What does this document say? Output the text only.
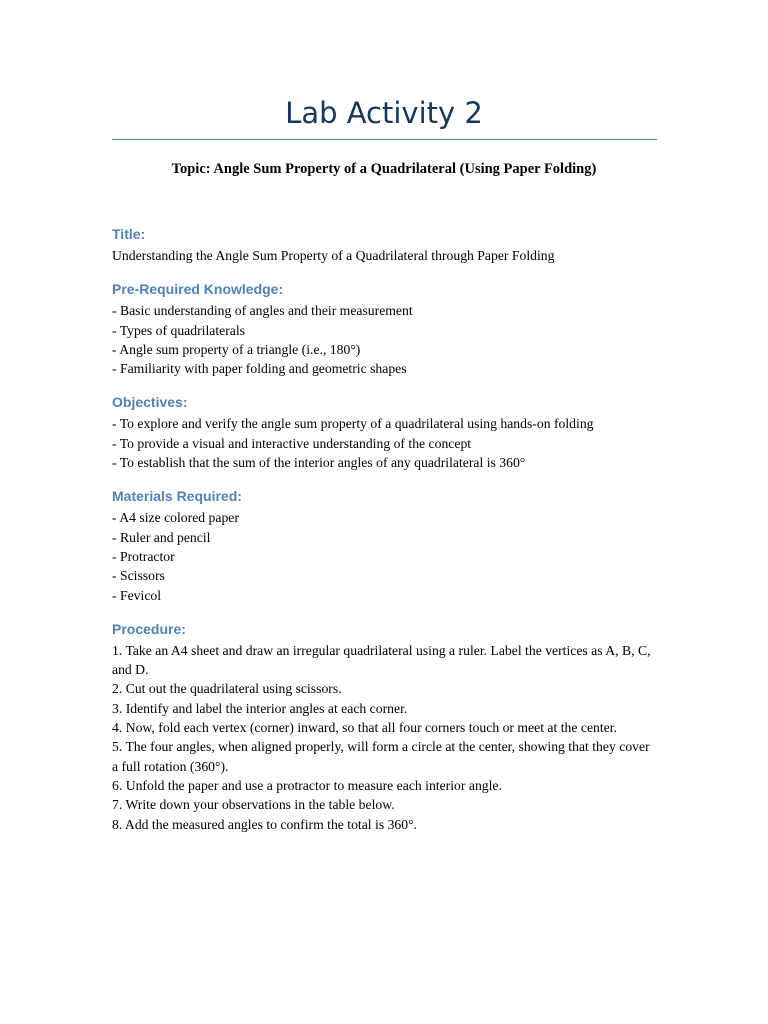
Lab Activity 2

Topic: Angle Sum Property of a Quadrilateral (Using Paper Folding)

Title:

Understanding the Angle Sum Property of a Quadrilateral through Paper Folding

Pre-Required Knowledge:

- Basic understanding of angles and their measurement

- Types of quadrilaterals

- Angle sum property of a triangle (i.e., 180°)

- Familiarity with paper folding and geometric shapes

Objectives:

- To explore and verify the angle sum property of a quadrilateral using hands-on folding

- To provide a visual and interactive understanding of the concept

- To establish that the sum of the interior angles of any quadrilateral is 360°

Materials Required:

- A4 size colored paper

- Ruler and pencil

- Protractor

- Scissors

- Fevicol

Procedure:

1. Take an A4 sheet and draw an irregular quadrilateral using a ruler. Label the vertices as A, B, C, and D.

2. Cut out the quadrilateral using scissors.

3. Identify and label the interior angles at each corner.

4. Now, fold each vertex (corner) inward, so that all four corners touch or meet at the center.

5. The four angles, when aligned properly, will form a circle at the center, showing that they cover a full rotation (360°).

6. Unfold the paper and use a protractor to measure each interior angle.

7. Write down your observations in the table below.

8. Add the measured angles to confirm the total is 360°.
